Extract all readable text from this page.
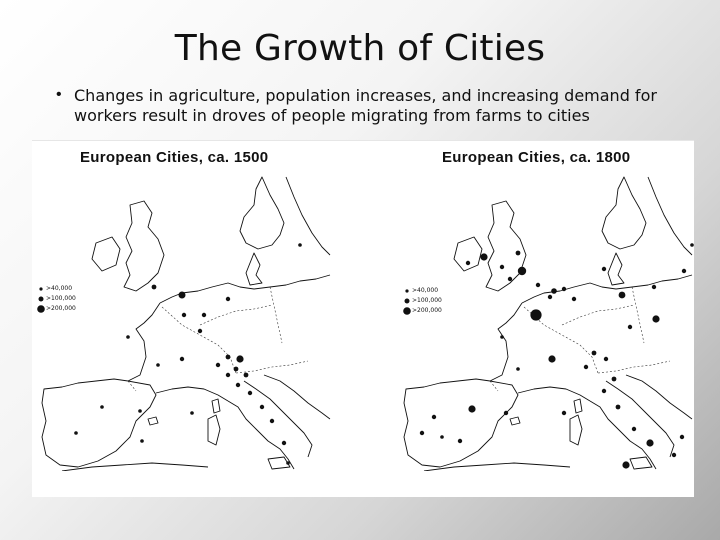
The Growth of Cities
• Changes in agriculture, population increases, and increasing demand for workers result in droves of people migrating from farms to cities
European Cities, ca. 1500
>40,000
>100,000
>200,000
European Cities, ca. 1800
>40,000
>100,000
>200,000
